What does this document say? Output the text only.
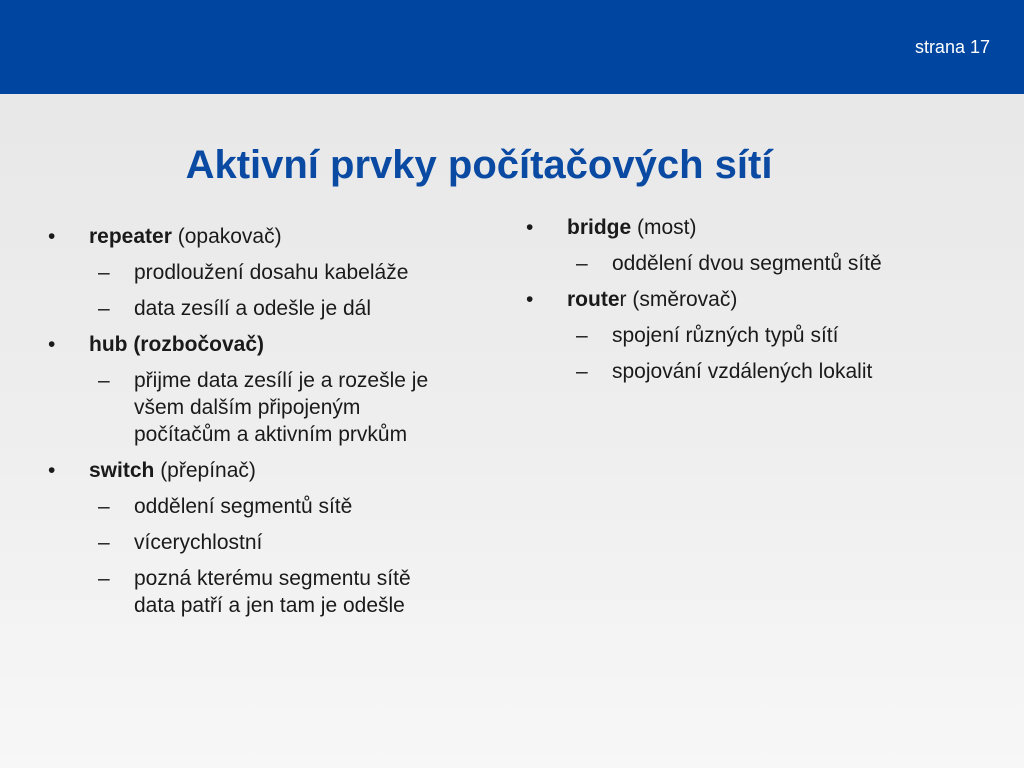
strana 17
Aktivní prvky počítačových sítí
•	repeater (opakovač)
– prodloužení dosahu kabeláže
– data zesílí a odešle je dál
•	hub (rozbočovač)
– přijme data zesílí je a rozešle je všem dalším připojeným počítačům a aktivním prvkům
•	switch (přepínač)
– oddělení segmentů sítě
– vícerychlostní
– pozná kterému segmentu sítě data patří a jen tam je odešle
•	bridge (most)
– oddělení dvou segmentů sítě
•	router (směrovač)
– spojení různých typů sítí
– spojování vzdálených lokalit
